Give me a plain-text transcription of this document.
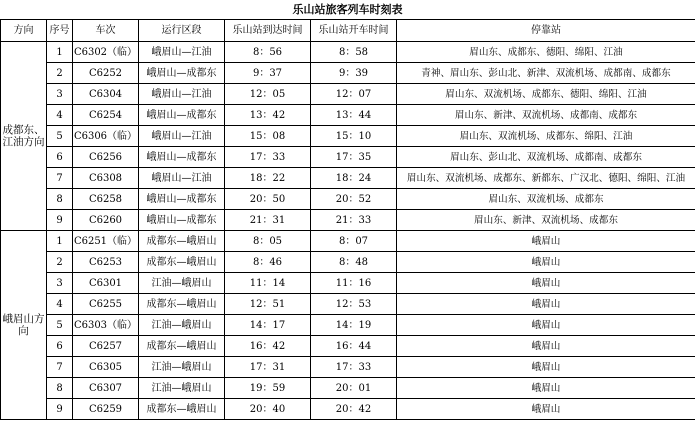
乐山站旅客列车时刻表
方向	序号	车次	运行区段	乐山站到达时间	乐山站开车时间	停靠站
成都东、江油方向	1	C6302（临）	峨眉山—江油	8：56	8：58	眉山东、成都东、德阳、绵阳、江油
	2	C6252	峨眉山—成都东	9：37	9：39	青神、眉山东、彭山北、新津、双流机场、成都南、成都东
	3	C6304	峨眉山—江油	12：05	12：07	眉山东、双流机场、成都东、德阳、绵阳、江油
	4	C6254	峨眉山—成都东	13：42	13：44	眉山东、新津、双流机场、成都南、成都东
	5	C6306（临）	峨眉山—江油	15：08	15：10	眉山东、双流机场、成都东、绵阳、江油
	6	C6256	峨眉山—成都东	17：33	17：35	眉山东、彭山北、双流机场、成都南、成都东
	7	C6308	峨眉山—江油	18：22	18：24	眉山东、双流机场、成都东、新都东、广汉北、德阳、绵阳、江油
	8	C6258	峨眉山—成都东	20：50	20：52	眉山东、双流机场、成都东
	9	C6260	峨眉山—成都东	21：31	21：33	眉山东、新津、双流机场、成都东
峨眉山方向	1	C6251（临）	成都东—峨眉山	8：05	8：07	峨眉山
	2	C6253	成都东—峨眉山	8：46	8：48	峨眉山
	3	C6301	江油—峨眉山	11：14	11：16	峨眉山
	4	C6255	成都东—峨眉山	12：51	12：53	峨眉山
	5	C6303（临）	江油—峨眉山	14：17	14：19	峨眉山
	6	C6257	成都东—峨眉山	16：42	16：44	峨眉山
	7	C6305	江油—峨眉山	17：31	17：33	峨眉山
	8	C6307	江油—峨眉山	19：59	20：01	峨眉山
	9	C6259	成都东—峨眉山	20：40	20：42	峨眉山
